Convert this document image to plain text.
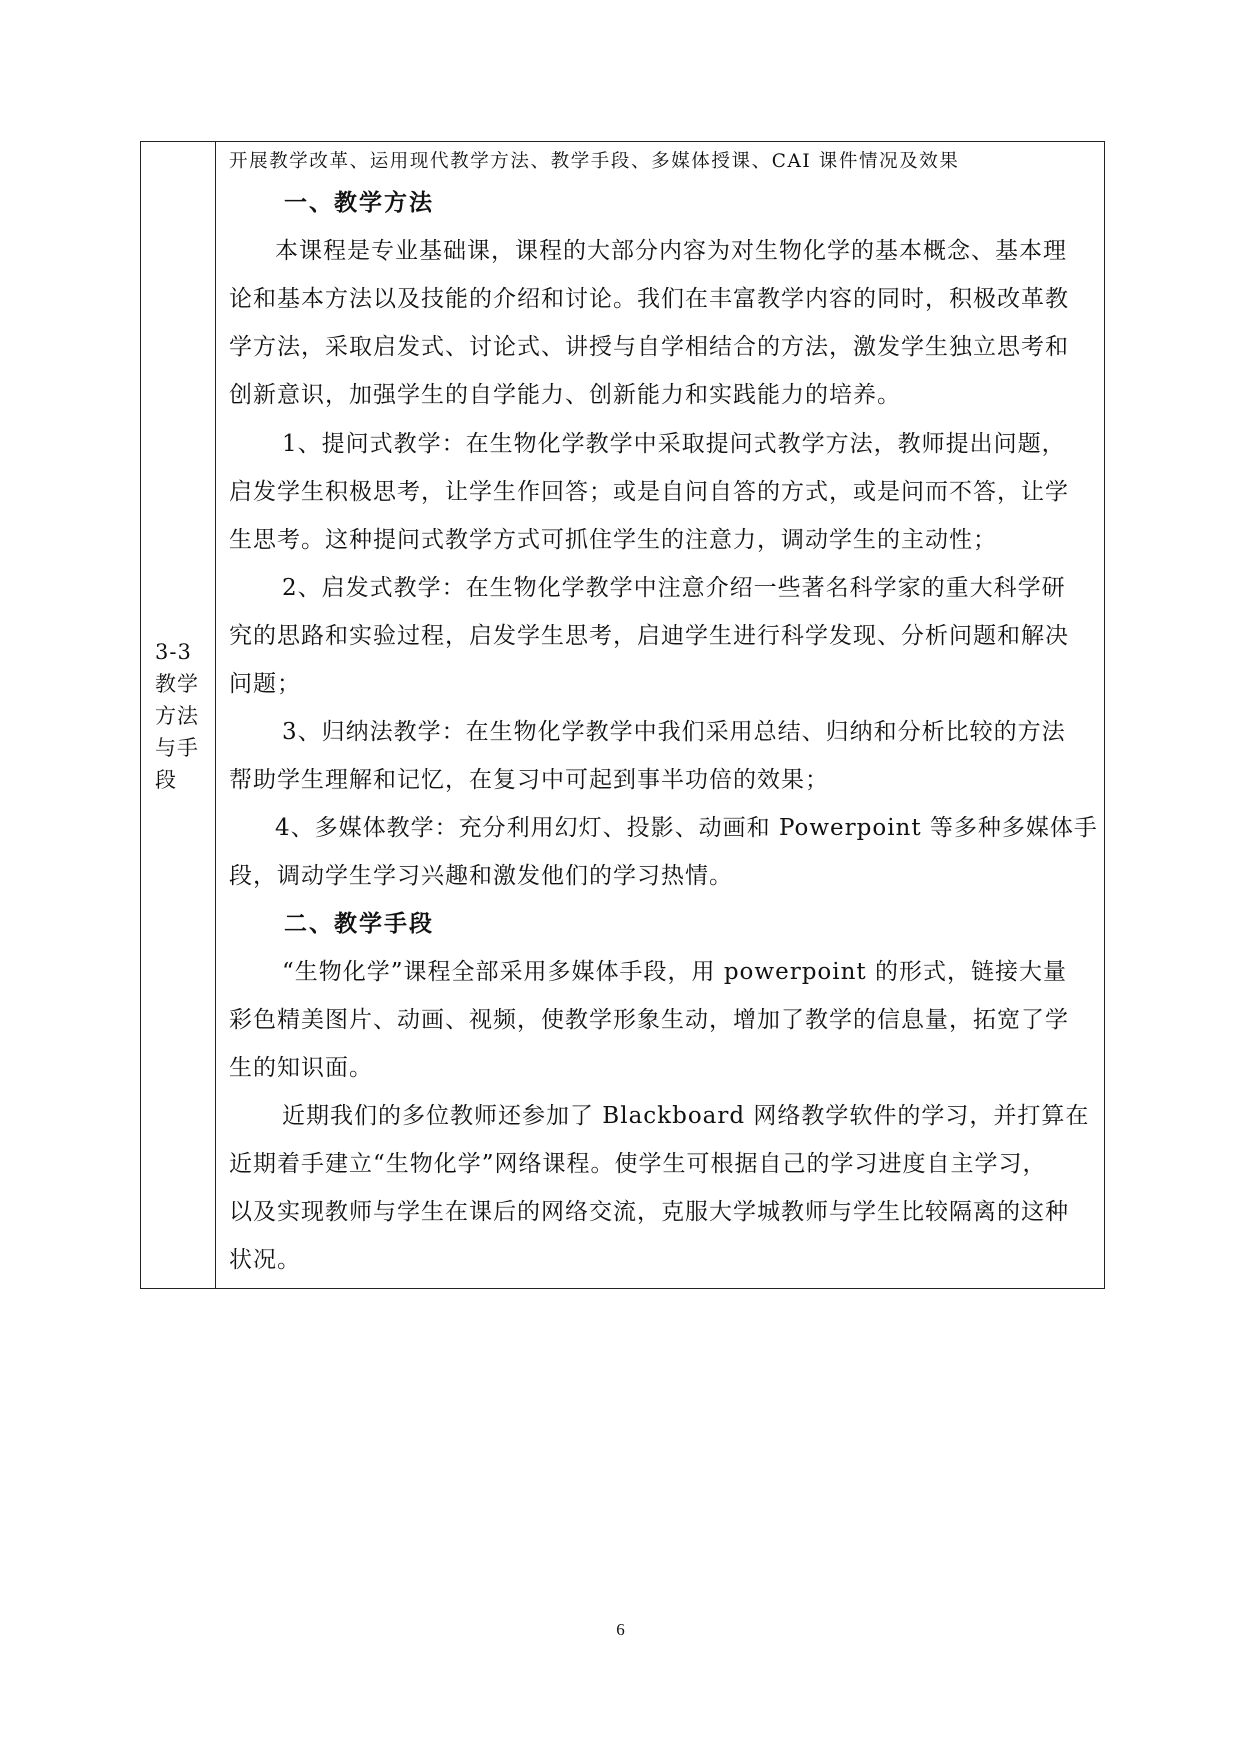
3-3
教学
方法
与手
段
开展教学改革、运用现代教学方法、教学手段、多媒体授课、CAI 课件情况及效果
一、教学方法
本课程是专业基础课，课程的大部分内容为对生物化学的基本概念、基本理
论和基本方法以及技能的介绍和讨论。我们在丰富教学内容的同时，积极改革教
学方法，采取启发式、讨论式、讲授与自学相结合的方法，激发学生独立思考和
创新意识，加强学生的自学能力、创新能力和实践能力的培养。
1、提问式教学：在生物化学教学中采取提问式教学方法，教师提出问题，
启发学生积极思考，让学生作回答；或是自问自答的方式，或是问而不答，让学
生思考。这种提问式教学方式可抓住学生的注意力，调动学生的主动性；
2、启发式教学：在生物化学教学中注意介绍一些著名科学家的重大科学研
究的思路和实验过程，启发学生思考，启迪学生进行科学发现、分析问题和解决
问题；
3、归纳法教学：在生物化学教学中我们采用总结、归纳和分析比较的方法
帮助学生理解和记忆，在复习中可起到事半功倍的效果；
4、多媒体教学：充分利用幻灯、投影、动画和 Powerpoint 等多种多媒体手
段，调动学生学习兴趣和激发他们的学习热情。
二、教学手段
“生物化学”课程全部采用多媒体手段，用 powerpoint 的形式，链接大量
彩色精美图片、动画、视频，使教学形象生动，增加了教学的信息量，拓宽了学
生的知识面。
近期我们的多位教师还参加了 Blackboard 网络教学软件的学习，并打算在
近期着手建立“生物化学”网络课程。使学生可根据自己的学习进度自主学习，
以及实现教师与学生在课后的网络交流，克服大学城教师与学生比较隔离的这种
状况。
6
